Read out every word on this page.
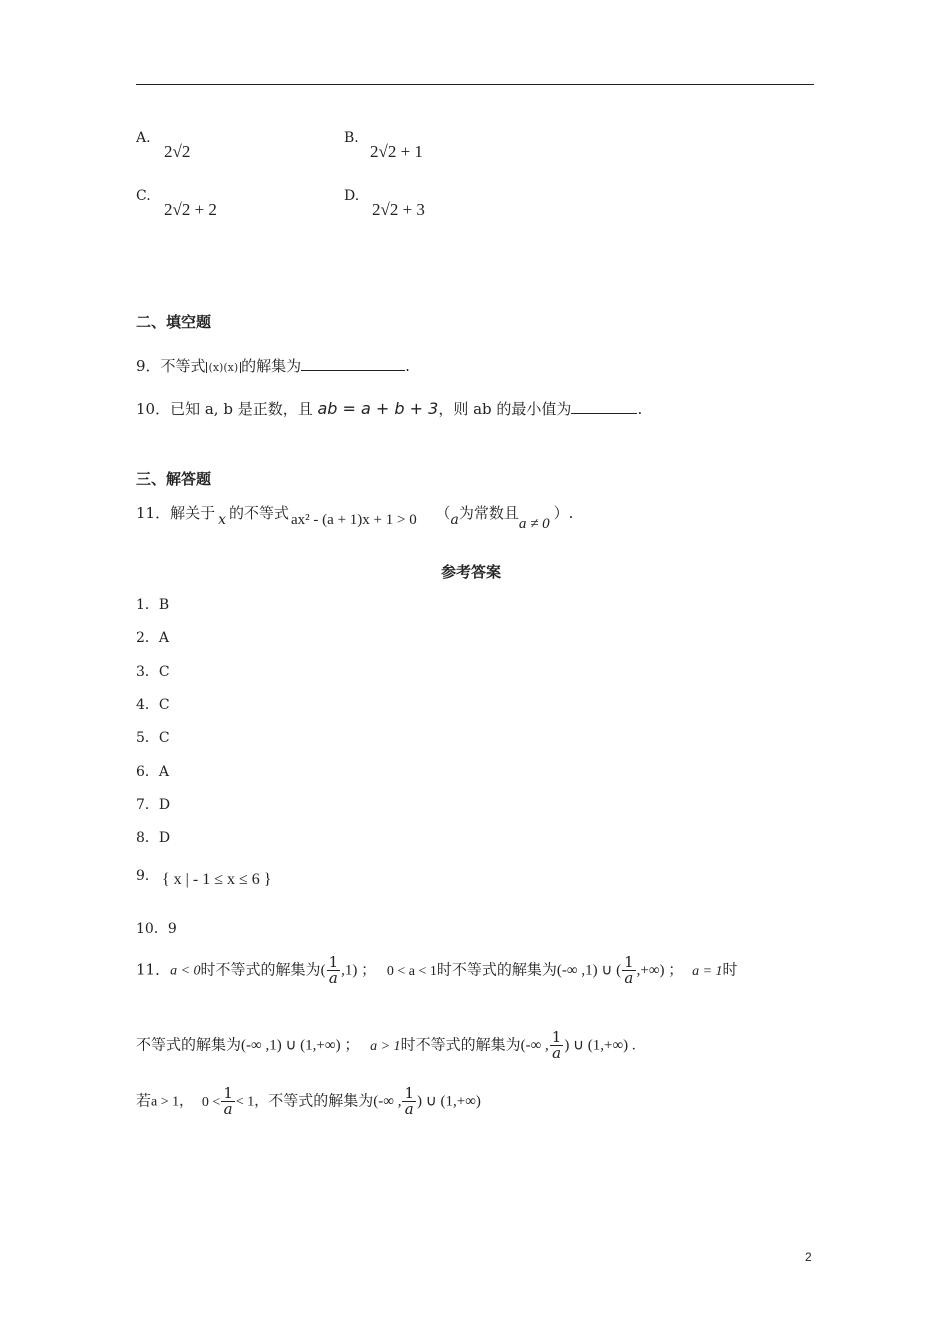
A.
2√2
B.
2√2 + 1
C.
2√2 + 2
D.
2√2 + 3
二、填空题
9．不等式 (x)(x) 的解集为	.
10．已知 a, b 是正数，且 ab = a + b + 3，则 ab 的最小值为	.
三、解答题
11．解关于 x 的不等式 ax² - (a + 1)x + 1 > 0 （a为常数且a ≠ 0）.
参考答案
1．B
2．A
3．C
4．C
5．C
6．A
7．D
8．D
9． { x | - 1 ≤ x ≤ 6 }
10．9
11．a < 0时不等式的解集为( $\frac{1}{a} ,1$) ； 0 < a < 1时不等式的解集为(-∞ ,1) ∪ ( $\frac{1}{a}$ ,+∞) ； a = 1时
不等式的解集为(-∞ ,1) ∪ (1,+∞) ； a > 1时不等式的解集为(-∞ , $\frac{1}{a}$ ) ∪ (1,+∞) .
若a > 1， $0 < \frac{1}{a} < 1$，不等式的解集为(-∞ , $\frac{1}{a}$ ) ∪ (1,+∞)
2
